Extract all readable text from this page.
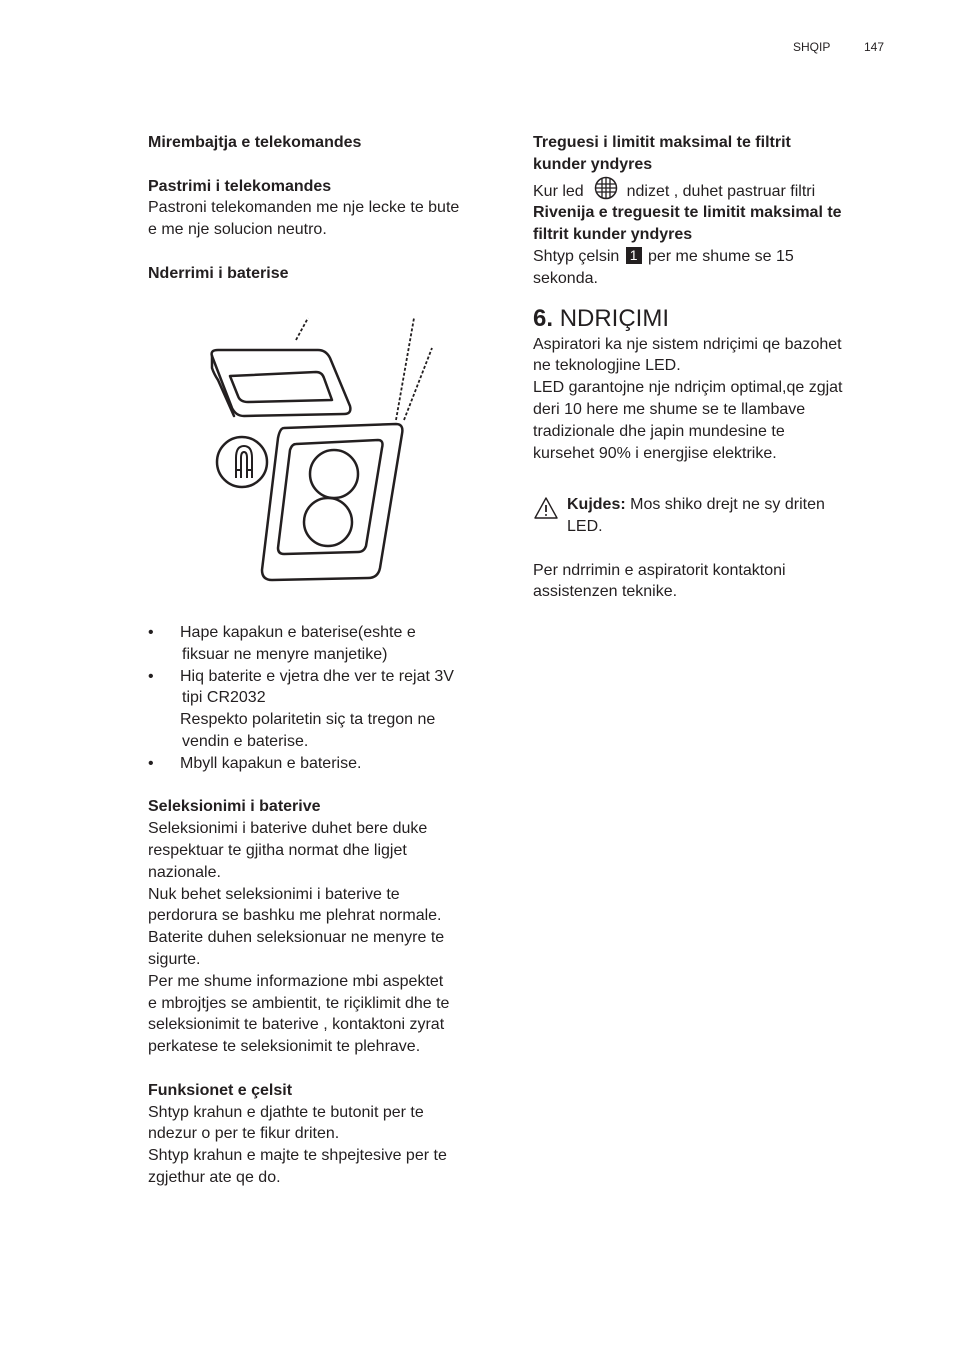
SHQIP	147

Mirembajtja e telekomandes

Pastrimi i telekomandes

Pastroni telekomanden me nje lecke te bute

e me nje solucion neutro.

Nderrimi i baterise

• Hape kapakun e baterise(eshte e

fiksuar ne menyre manjetike)

• Hiq baterite e vjetra dhe ver te rejat 3V

tipi CR2032

Respekto polaritetin siç ta tregon ne

vendin e baterise.

• Mbyll kapakun e baterise.

Seleksionimi i baterive

Seleksionimi i baterive duhet bere duke

respektuar te gjitha normat dhe ligjet

nazionale.

Nuk behet seleksionimi i baterive te

perdorura se bashku me plehrat normale.

Baterite duhen seleksionuar ne menyre te

sigurte.

Per me shume informazione mbi aspektet

e mbrojtjes se ambientit, te riçiklimit dhe te

seleksionimit te baterive , kontaktoni zyrat

perkatese te seleksionimit te plehrave.

Funksionet e çelsit

Shtyp krahun e djathte te butonit per te

ndezur o per te fikur driten.

Shtyp krahun e majte te shpejtesive per te

zgjethur ate qe do.

Treguesi i limitit maksimal te filtrit

kunder yndyres

Kur led	ndizet , duhet pastruar filtri

Rivenija e treguesit te limitit maksimal te

filtrit kunder yndyres

Shtyp çelsin 1 per me shume se 15

sekonda.

6. NDRIÇIMI

Aspiratori ka nje sistem ndriçimi qe bazohet

ne teknologjine LED.

LED garantojne nje ndriçim optimal,qe zgjat

deri 10 here me shume se te llambave

tradizionale dhe japin mundesine te

kursehet 90% i energjise elektrike.

Kujdes: Mos shiko drejt ne sy driten

LED.

Per ndrrimin e aspiratorit kontaktoni

assistenzen teknike.
